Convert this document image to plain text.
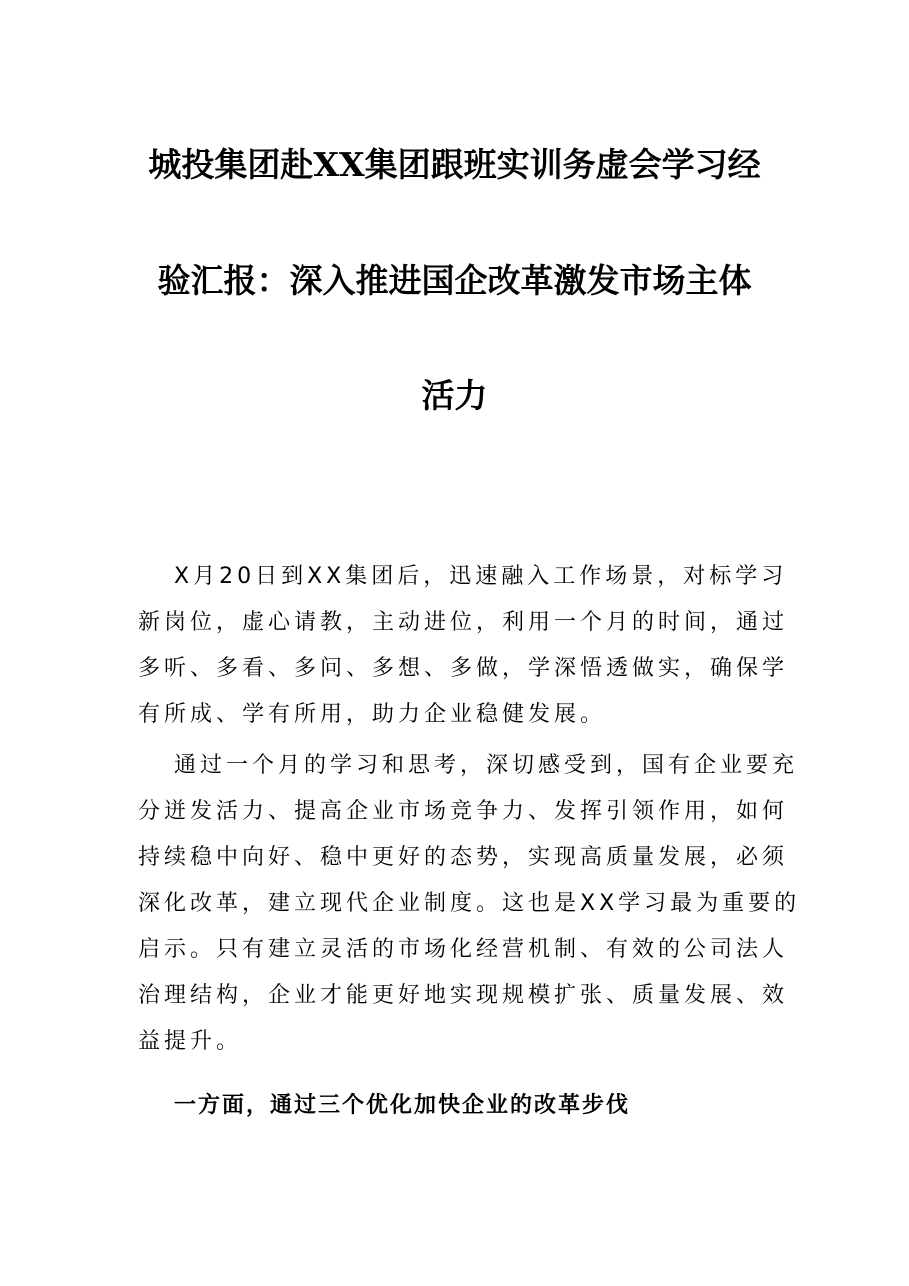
城投集团赴XX集团跟班实训务虚会学习经
验汇报：深入推进国企改革激发市场主体
活力
X月20日到XX集团后，迅速融入工作场景，对标学习
新岗位，虚心请教，主动进位，利用一个月的时间，通过
多听、多看、多问、多想、多做，学深悟透做实，确保学
有所成、学有所用，助力企业稳健发展。
通过一个月的学习和思考，深切感受到，国有企业要充
分迸发活力、提高企业市场竞争力、发挥引领作用，如何
持续稳中向好、稳中更好的态势，实现高质量发展，必须
深化改革，建立现代企业制度。这也是XX学习最为重要的
启示。只有建立灵活的市场化经营机制、有效的公司法人
治理结构，企业才能更好地实现规模扩张、质量发展、效
益提升。
一方面，通过三个优化加快企业的改革步伐
